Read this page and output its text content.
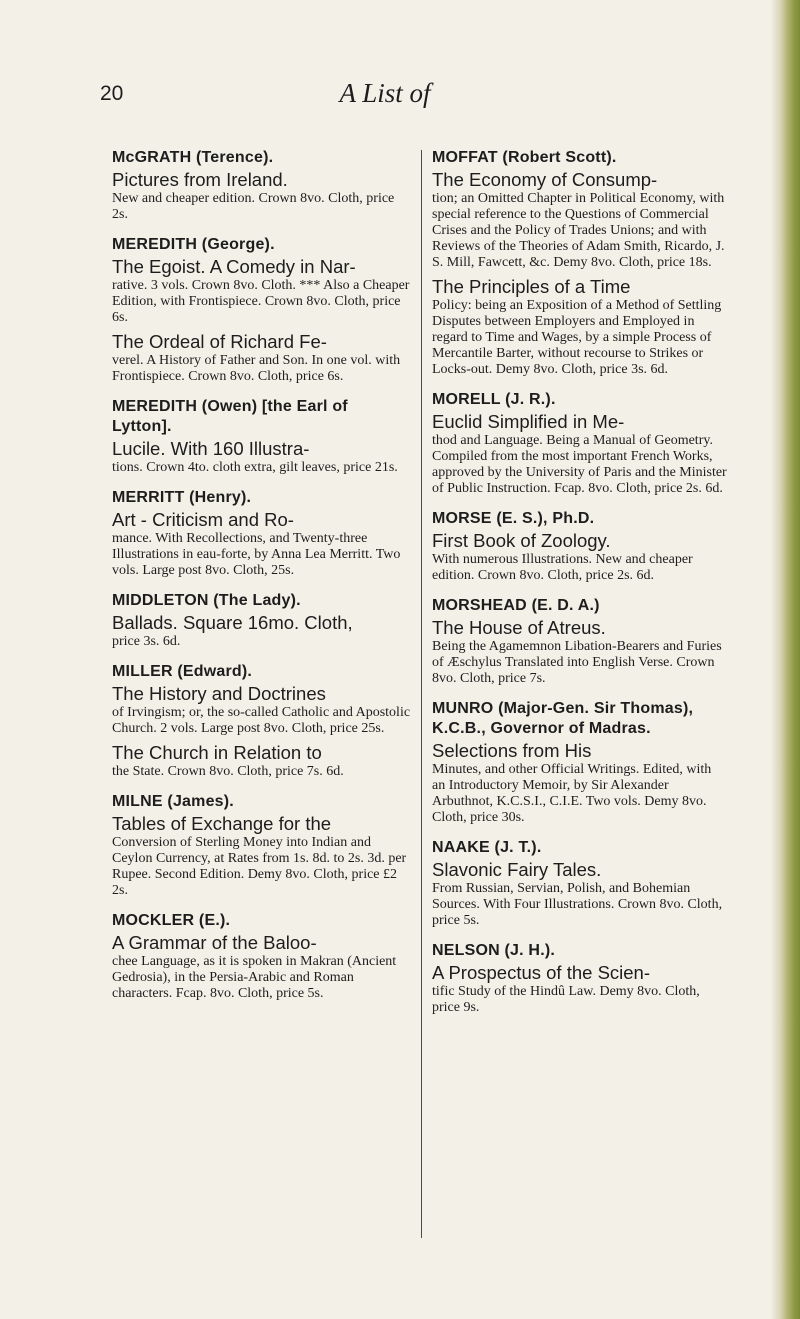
20	A List of
McGRATH (Terence).
Pictures from Ireland.
New and cheaper edition. Crown 8vo. Cloth, price 2s.
MEREDITH (George).
The Egoist. A Comedy in Nar-
rative. 3 vols. Crown 8vo. Cloth. *** Also a Cheaper Edition, with Frontispiece. Crown 8vo. Cloth, price 6s.
The Ordeal of Richard Fe-
verel. A History of Father and Son. In one vol. with Frontispiece. Crown 8vo. Cloth, price 6s.
MEREDITH (Owen) [the Earl of Lytton].
Lucile. With 160 Illustra-
tions. Crown 4to. cloth extra, gilt leaves, price 21s.
MERRITT (Henry).
Art - Criticism and Ro-
mance. With Recollections, and Twenty-three Illustrations in eau-forte, by Anna Lea Merritt. Two vols. Large post 8vo. Cloth, 25s.
MIDDLETON (The Lady).
Ballads. Square 16mo. Cloth,
price 3s. 6d.
MILLER (Edward).
The History and Doctrines
of Irvingism; or, the so-called Catholic and Apostolic Church. 2 vols. Large post 8vo. Cloth, price 25s.
The Church in Relation to
the State. Crown 8vo. Cloth, price 7s. 6d.
MILNE (James).
Tables of Exchange for the
Conversion of Sterling Money into Indian and Ceylon Currency, at Rates from 1s. 8d. to 2s. 3d. per Rupee. Second Edition. Demy 8vo. Cloth, price £2 2s.
MOCKLER (E.).
A Grammar of the Baloo-
chee Language, as it is spoken in Makran (Ancient Gedrosia), in the Persia-Arabic and Roman characters. Fcap. 8vo. Cloth, price 5s.
MOFFAT (Robert Scott).
The Economy of Consump-
tion; an Omitted Chapter in Political Economy, with special reference to the Questions of Commercial Crises and the Policy of Trades Unions; and with Reviews of the Theories of Adam Smith, Ricardo, J. S. Mill, Fawcett, &c. Demy 8vo. Cloth, price 18s.
The Principles of a Time
Policy: being an Exposition of a Method of Settling Disputes between Employers and Employed in regard to Time and Wages, by a simple Process of Mercantile Barter, without recourse to Strikes or Locks-out. Demy 8vo. Cloth, price 3s. 6d.
MORELL (J. R.).
Euclid Simplified in Me-
thod and Language. Being a Manual of Geometry. Compiled from the most important French Works, approved by the University of Paris and the Minister of Public Instruction. Fcap. 8vo. Cloth, price 2s. 6d.
MORSE (E. S.), Ph.D.
First Book of Zoology.
With numerous Illustrations. New and cheaper edition. Crown 8vo. Cloth, price 2s. 6d.
MORSHEAD (E. D. A.)
The House of Atreus.
Being the Agamemnon Libation-Bearers and Furies of Æschylus Translated into English Verse. Crown 8vo. Cloth, price 7s.
MUNRO (Major-Gen. Sir Thomas), K.C.B., Governor of Madras.
Selections from His
Minutes, and other Official Writings. Edited, with an Introductory Memoir, by Sir Alexander Arbuthnot, K.C.S.I., C.I.E. Two vols. Demy 8vo. Cloth, price 30s.
NAAKE (J. T.).
Slavonic Fairy Tales.
From Russian, Servian, Polish, and Bohemian Sources. With Four Illustrations. Crown 8vo. Cloth, price 5s.
NELSON (J. H.).
A Prospectus of the Scien-
tific Study of the Hindû Law. Demy 8vo. Cloth, price 9s.
